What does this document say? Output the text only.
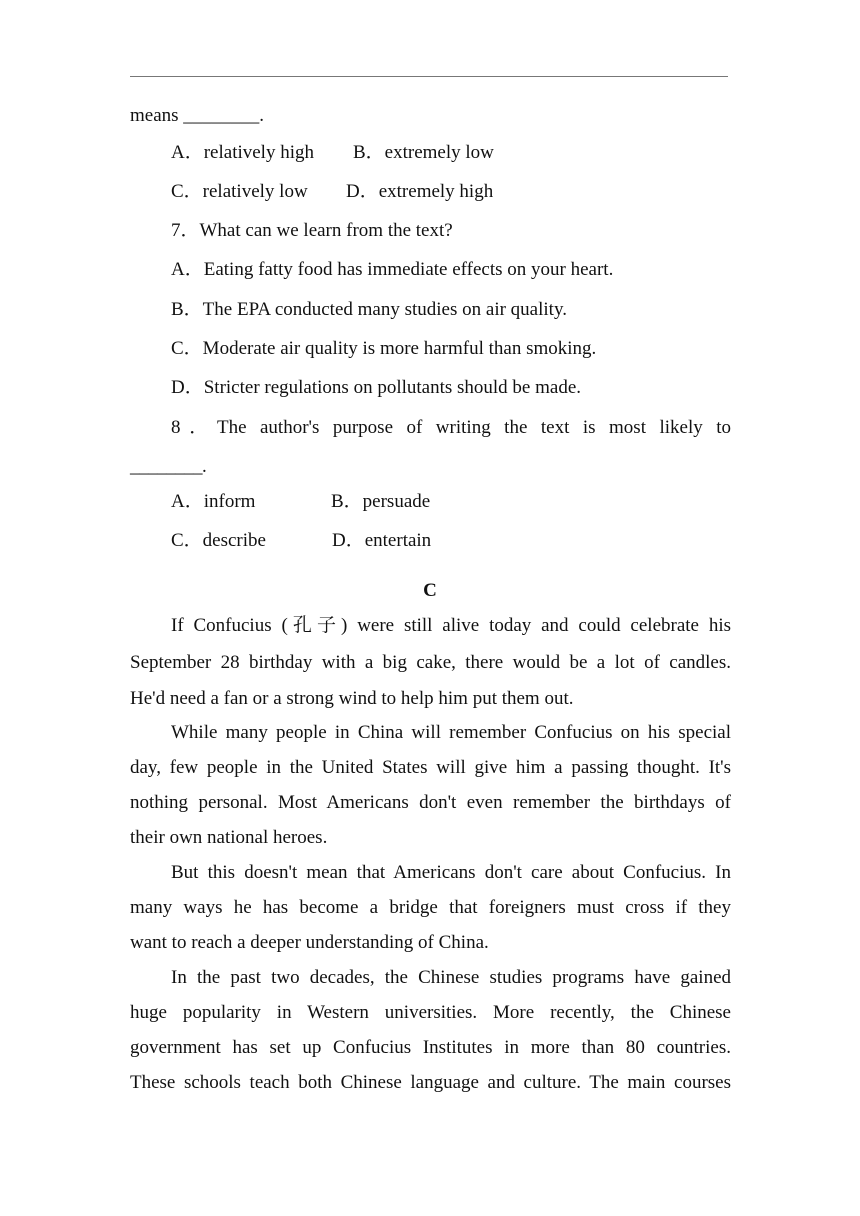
means ________.
A．relatively high B．extremely low
C．relatively low D．extremely high
7．What can we learn from the text?
A．Eating fatty food has immediate effects on your heart.
B．The EPA conducted many studies on air quality.
C．Moderate air quality is more harmful than smoking.
D．Stricter regulations on pollutants should be made.
8．The author's purpose of writing the text is most likely to
________.
A．inform	B．persuade
C．describe	D．entertain
C
If Confucius (孔子) were still alive today and could celebrate his
September 28 birthday with a big cake, there would be a lot of candles.
He'd need a fan or a strong wind to help him put them out.
While many people in China will remember Confucius on his special
day, few people in the United States will give him a passing thought. It's
nothing personal. Most Americans don't even remember the birthdays of
their own national heroes.
But this doesn't mean that Americans don't care about Confucius. In
many ways he has become a bridge that foreigners must cross if they
want to reach a deeper understanding of China.
In the past two decades, the Chinese studies programs have gained
huge popularity in Western universities. More recently, the Chinese
government has set up Confucius Institutes in more than 80 countries.
These schools teach both Chinese language and culture. The main courses
